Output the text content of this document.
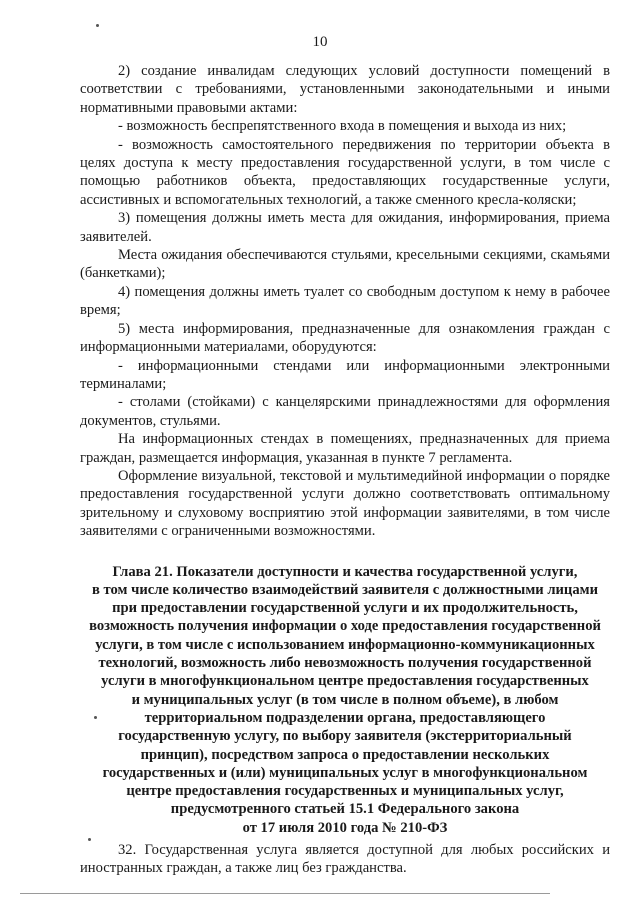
10

2) создание инвалидам следующих условий доступности помещений в соответствии с требованиями, установленными законодательными и иными нормативными правовыми актами:

- возможность беспрепятственного входа в помещения и выхода из них;

- возможность самостоятельного передвижения по территории объекта в целях доступа к месту предоставления государственной услуги, в том числе с помощью работников объекта, предоставляющих государственные услуги, ассистивных и вспомогательных технологий, а также сменного кресла-коляски;

3) помещения должны иметь места для ожидания, информирования, приема заявителей.

Места ожидания обеспечиваются стульями, кресельными секциями, скамьями (банкетками);

4) помещения должны иметь туалет со свободным доступом к нему в рабочее время;

5) места информирования, предназначенные для ознакомления граждан с информационными материалами, оборудуются:

- информационными стендами или информационными электронными терминалами;

- столами (стойками) с канцелярскими принадлежностями для оформления документов, стульями.

На информационных стендах в помещениях, предназначенных для приема граждан, размещается информация, указанная в пункте 7 регламента.

Оформление визуальной, текстовой и мультимедийной информации о порядке предоставления государственной услуги должно соответствовать оптимальному зрительному и слуховому восприятию этой информации заявителями, в том числе заявителями с ограниченными возможностями.

Глава 21. Показатели доступности и качества государственной услуги,
в том числе количество взаимодействий заявителя с должностными лицами
при предоставлении государственной услуги и их продолжительность,
возможность получения информации о ходе предоставления государственной
услуги, в том числе с использованием информационно-коммуникационных
технологий, возможность либо невозможность получения государственной
услуги в многофункциональном центре предоставления государственных
и муниципальных услуг (в том числе в полном объеме), в любом
территориальном подразделении органа, предоставляющего
государственную услугу, по выбору заявителя (экстерриториальный
принцип), посредством запроса о предоставлении нескольких
государственных и (или) муниципальных услуг в многофункциональном
центре предоставления государственных и муниципальных услуг,
предусмотренного статьей 15.1 Федерального закона
от 17 июля 2010 года № 210-ФЗ

32. Государственная услуга является доступной для любых российских и иностранных граждан, а также лиц без гражданства.
